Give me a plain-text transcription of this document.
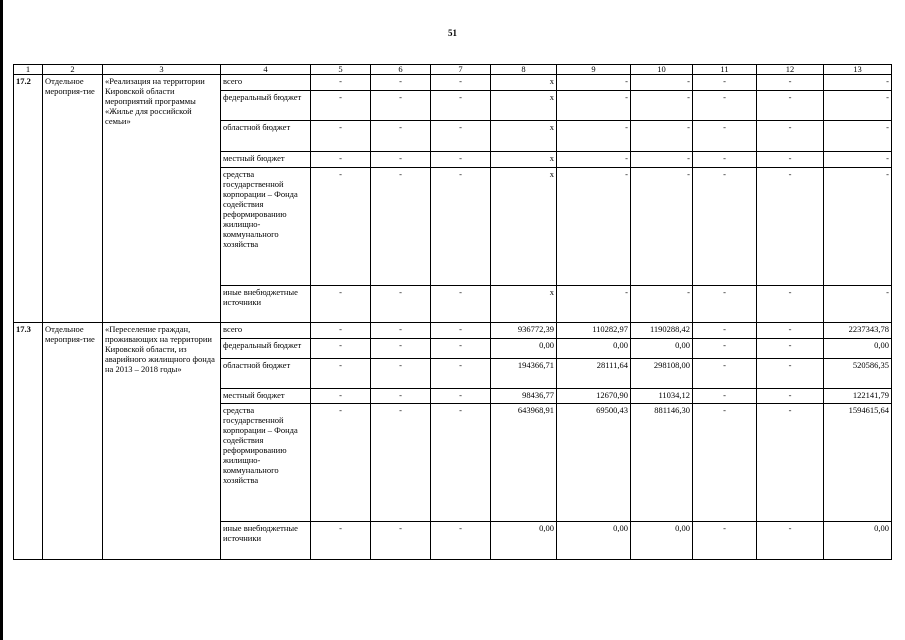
51
1	2	3	4	5	6	7	8	9	10	11	12	13
17.2	Отдельное мероприя-тие	«Реализация на территории Кировской области мероприятий программы «Жилье для российской семьи»	всего	-	-	-	x	-	-	-	-	-
			федеральный бюджет	-	-	-	x	-	-	-	-	-
			областной бюджет	-	-	-	x	-	-	-	-	-
			местный бюджет	-	-	-	x	-	-	-	-	-
			средства государственной корпорации – Фонда содействия реформированию жилищно-коммунального хозяйства	-	-	-	x	-	-	-	-	-
			иные внебюджетные источники	-	-	-	x	-	-	-	-	-
17.3	Отдельное мероприя-тие	«Переселение граждан, проживающих на территории Кировской области, из аварийного жилищного фонда на 2013 – 2018 годы»	всего	-	-	-	936772,39	110282,97	1190288,42	-	-	2237343,78
			федеральный бюджет	-	-	-	0,00	0,00	0,00	-	-	0,00
			областной бюджет	-	-	-	194366,71	28111,64	298108,00	-	-	520586,35
			местный бюджет	-	-	-	98436,77	12670,90	11034,12	-	-	122141,79
			средства государственной корпорации – Фонда содействия реформированию жилищно-коммунального хозяйства	-	-	-	643968,91	69500,43	881146,30	-	-	1594615,64
			иные внебюджетные источники	-	-	-	0,00	0,00	0,00	-	-	0,00
